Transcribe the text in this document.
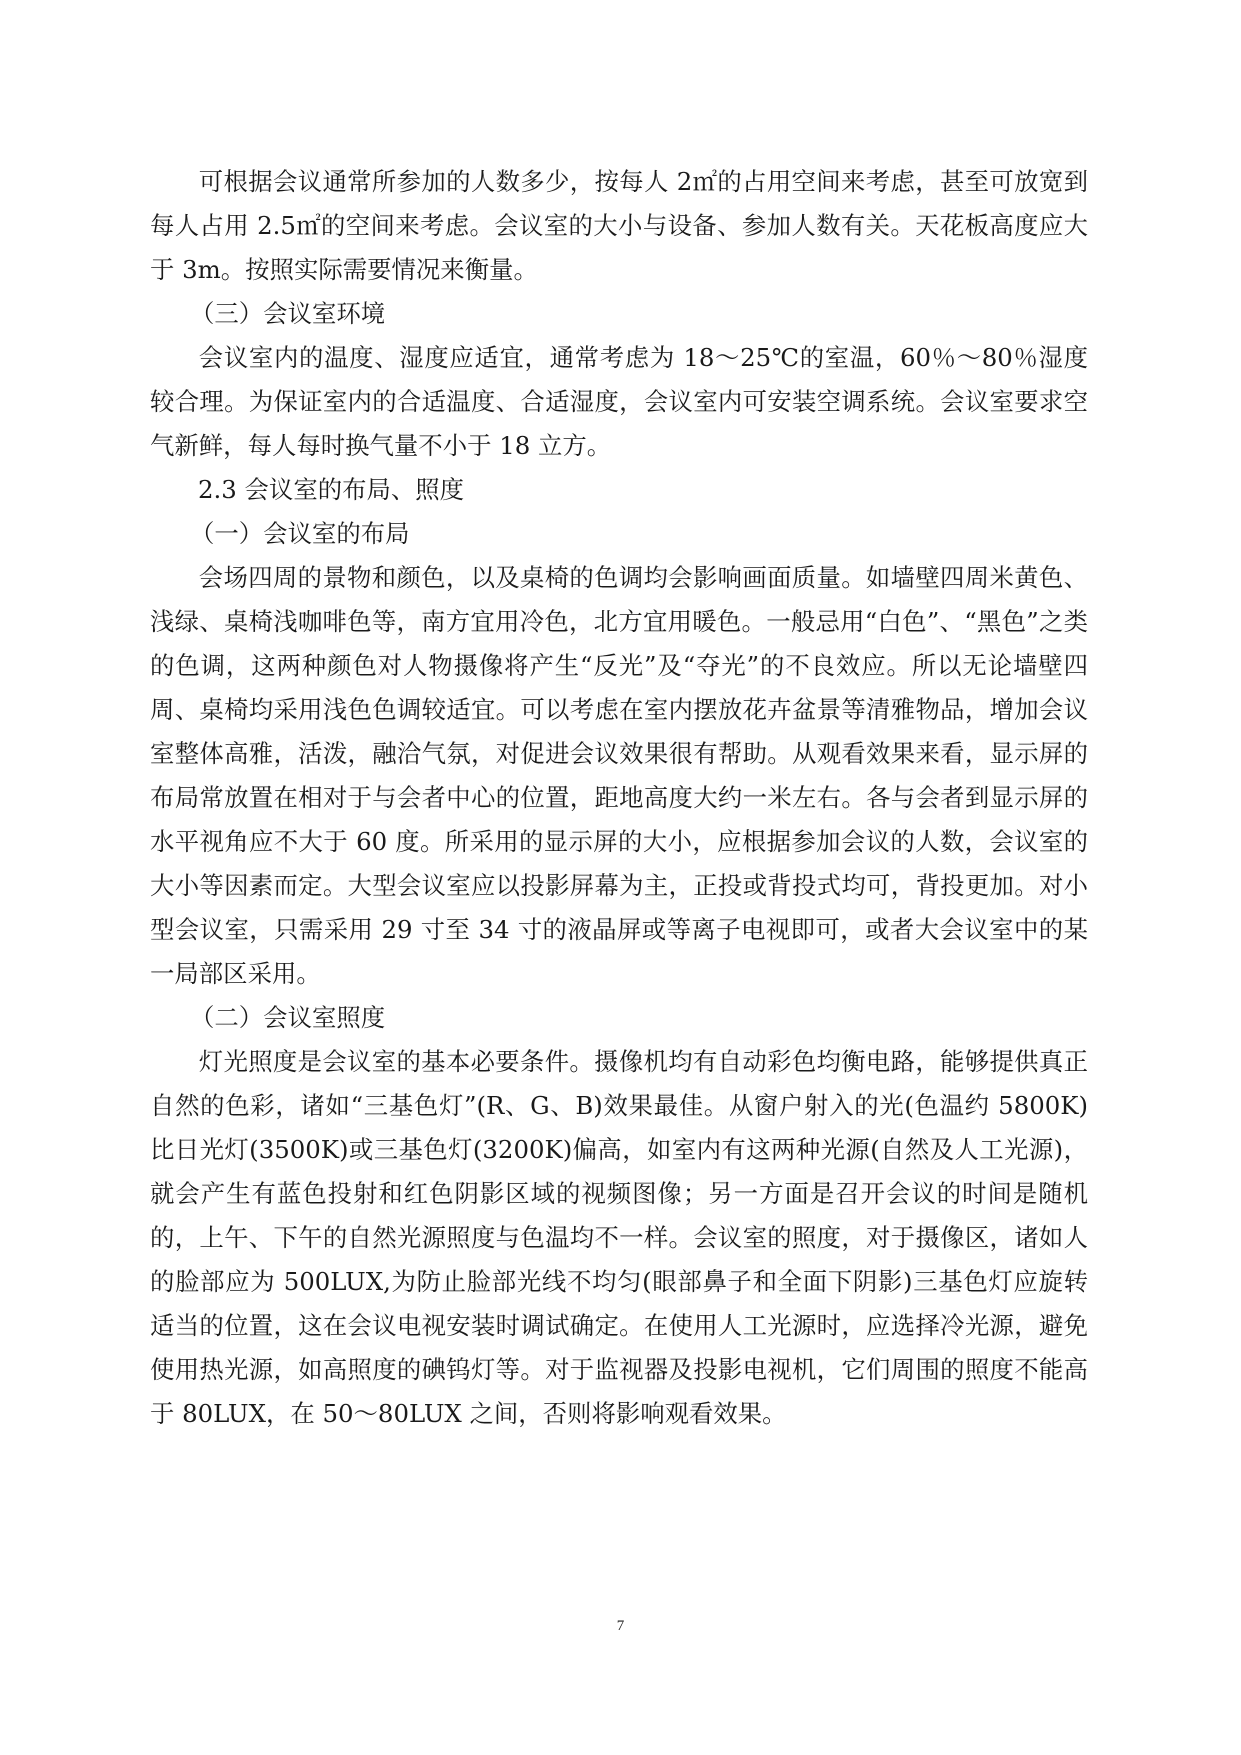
可根据会议通常所参加的人数多少，按每人 2㎡的占用空间来考虑，甚至可放宽到每人占用 2.5㎡的空间来考虑。会议室的大小与设备、参加人数有关。天花板高度应大于 3m。按照实际需要情况来衡量。

（三）会议室环境

会议室内的温度、湿度应适宜，通常考虑为 18～25℃的室温，60％～80％湿度较合理。为保证室内的合适温度、合适湿度，会议室内可安装空调系统。会议室要求空气新鲜，每人每时换气量不小于 18 立方。

2.3 会议室的布局、照度

（一）会议室的布局

会场四周的景物和颜色，以及桌椅的色调均会影响画面质量。如墙壁四周米黄色、浅绿、桌椅浅咖啡色等，南方宜用冷色，北方宜用暖色。一般忌用“白色”、“黑色”之类的色调，这两种颜色对人物摄像将产生“反光”及“夺光”的不良效应。所以无论墙壁四周、桌椅均采用浅色色调较适宜。可以考虑在室内摆放花卉盆景等清雅物品，增加会议室整体高雅，活泼，融洽气氛，对促进会议效果很有帮助。从观看效果来看，显示屏的布局常放置在相对于与会者中心的位置，距地高度大约一米左右。各与会者到显示屏的水平视角应不大于 60 度。所采用的显示屏的大小，应根据参加会议的人数，会议室的大小等因素而定。大型会议室应以投影屏幕为主，正投或背投式均可，背投更加。对小型会议室，只需采用 29 寸至 34 寸的液晶屏或等离子电视即可，或者大会议室中的某一局部区采用。

（二）会议室照度

灯光照度是会议室的基本必要条件。摄像机均有自动彩色均衡电路，能够提供真正自然的色彩，诸如“三基色灯”(R、G、B)效果最佳。从窗户射入的光(色温约 5800K)比日光灯(3500K)或三基色灯(3200K)偏高，如室内有这两种光源(自然及人工光源)，就会产生有蓝色投射和红色阴影区域的视频图像；另一方面是召开会议的时间是随机的，上午、下午的自然光源照度与色温均不一样。会议室的照度，对于摄像区，诸如人的脸部应为 500LUX,为防止脸部光线不均匀(眼部鼻子和全面下阴影)三基色灯应旋转适当的位置，这在会议电视安装时调试确定。在使用人工光源时，应选择冷光源，避免使用热光源，如高照度的碘钨灯等。对于监视器及投影电视机，它们周围的照度不能高于 80LUX，在 50～80LUX 之间，否则将影响观看效果。

7
